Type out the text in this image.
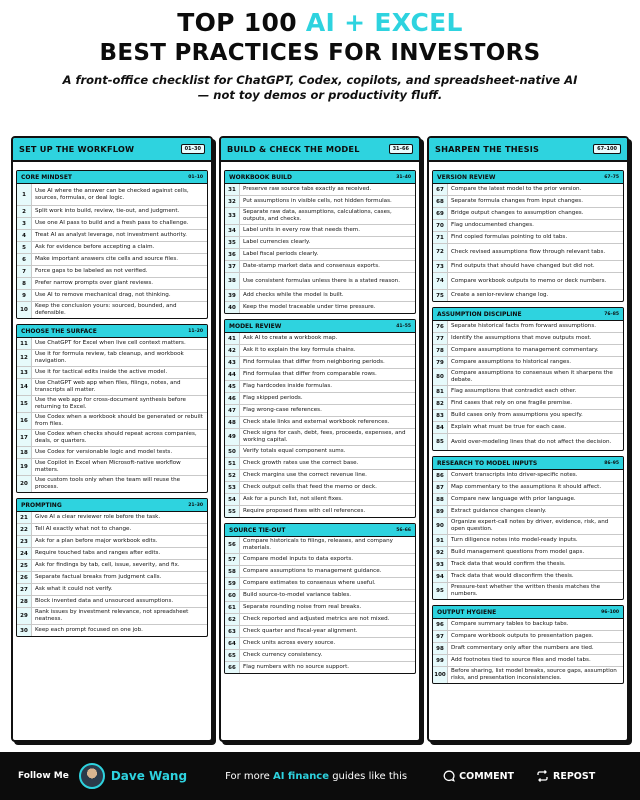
TOP 100 AI + EXCEL
BEST PRACTICES FOR INVESTORS
A front-office checklist for ChatGPT, Codex, copilots, and spreadsheet-native AI — not toy demos or productivity fluff.
SET UP THE WORKFLOW	01–30
CORE MINDSET	01–10
1
Use AI where the answer can be checked against cells, sources, formulas, or deal logic.
2	Split work into build, review, tie-out, and judgment.
3	Use one AI pass to build and a fresh pass to challenge.
4	Treat AI as analyst leverage, not investment authority.
5	Ask for evidence before accepting a claim.
6	Make important answers cite cells and source files.
7	Force gaps to be labeled as not verified.
8	Prefer narrow prompts over giant reviews.
9	Use AI to remove mechanical drag, not thinking.
10
Keep the conclusion yours: sourced, bounded, and defensible.
CHOOSE THE SURFACE	11–20
11	Use ChatGPT for Excel when live cell context matters.
12
Use it for formula review, tab cleanup, and workbook navigation.
13	Use it for tactical edits inside the active model.
14
Use ChatGPT web app when files, filings, notes, and transcripts all matter.
15
Use the web app for cross-document synthesis before returning to Excel.
16
Use Codex when a workbook should be generated or rebuilt from files.
17
Use Codex when checks should repeat across companies, deals, or quarters.
18	Use Codex for versionable logic and model tests.
19
Use Copilot in Excel when Microsoft-native workflow matters.
20
Use custom tools only when the team will reuse the process.
PROMPTING	21–30
21	Give AI a clear reviewer role before the task.
22	Tell AI exactly what not to change.
23	Ask for a plan before major workbook edits.
24	Require touched tabs and ranges after edits.
25	Ask for findings by tab, cell, issue, severity, and fix.
26	Separate factual breaks from judgment calls.
27	Ask what it could not verify.
28	Block invented data and unsourced assumptions.
29
Rank issues by investment relevance, not spreadsheet neatness.
30	Keep each prompt focused on one job.
BUILD & CHECK THE MODEL	31–66
WORKBOOK BUILD	31–40
31	Preserve raw source tabs exactly as received.
32	Put assumptions in visible cells, not hidden formulas.
33
Separate raw data, assumptions, calculations, cases, outputs, and checks.
34	Label units in every row that needs them.
35	Label currencies clearly.
36	Label fiscal periods clearly.
37	Date-stamp market data and consensus exports.
38	Use consistent formulas unless there is a stated reason.
39	Add checks while the model is built.
40	Keep the model traceable under time pressure.
MODEL REVIEW	41–55
41	Ask AI to create a workbook map.
42	Ask it to explain the key formula chains.
43	Find formulas that differ from neighboring periods.
44	Find formulas that differ from comparable rows.
45	Flag hardcodes inside formulas.
46	Flag skipped periods.
47	Flag wrong-case references.
48	Check stale links and external workbook references.
49
Check signs for cash, debt, fees, proceeds, expenses, and working capital.
50	Verify totals equal component sums.
51	Check growth rates use the correct base.
52	Check margins use the correct revenue line.
53	Check output cells that feed the memo or deck.
54	Ask for a punch list, not silent fixes.
55	Require proposed fixes with cell references.
SOURCE TIE-OUT	56–66
56
Compare historicals to filings, releases, and company materials.
57	Compare model inputs to data exports.
58	Compare assumptions to management guidance.
59	Compare estimates to consensus where useful.
60	Build source-to-model variance tables.
61	Separate rounding noise from real breaks.
62	Check reported and adjusted metrics are not mixed.
63	Check quarter and fiscal-year alignment.
64	Check units across every source.
65	Check currency consistency.
66	Flag numbers with no source support.
SHARPEN THE THESIS	67–100
VERSION REVIEW	67–75
67	Compare the latest model to the prior version.
68	Separate formula changes from input changes.
69	Bridge output changes to assumption changes.
70	Flag undocumented changes.
71	Find copied formulas pointing to old tabs.
72	Check revised assumptions flow through relevant tabs.
73	Find outputs that should have changed but did not.
74	Compare workbook outputs to memo or deck numbers.
75	Create a senior-review change log.
ASSUMPTION DISCIPLINE	76–85
76	Separate historical facts from forward assumptions.
77	Identify the assumptions that move outputs most.
78	Compare assumptions to management commentary.
79	Compare assumptions to historical ranges.
80
Compare assumptions to consensus when it sharpens the debate.
81	Flag assumptions that contradict each other.
82	Find cases that rely on one fragile premise.
83	Build cases only from assumptions you specify.
84	Explain what must be true for each case.
85	Avoid over-modeling lines that do not affect the decision.
RESEARCH TO MODEL INPUTS	86–95
86	Convert transcripts into driver-specific notes.
87	Map commentary to the assumptions it should affect.
88	Compare new language with prior language.
89	Extract guidance changes cleanly.
90
Organize expert-call notes by driver, evidence, risk, and open question.
91	Turn diligence notes into model-ready inputs.
92	Build management questions from model gaps.
93	Track data that would confirm the thesis.
94	Track data that would disconfirm the thesis.
95
Pressure-test whether the written thesis matches the numbers.
OUTPUT HYGIENE	96–100
96	Compare summary tables to backup tabs.
97	Compare workbook outputs to presentation pages.
98	Draft commentary only after the numbers are tied.
99	Add footnotes tied to source files and model tabs.
100
Before sharing, list model breaks, source gaps, assumption risks, and presentation inconsistencies.
Follow Me	Dave Wang	For more AI finance guides like this	COMMENT	REPOST
